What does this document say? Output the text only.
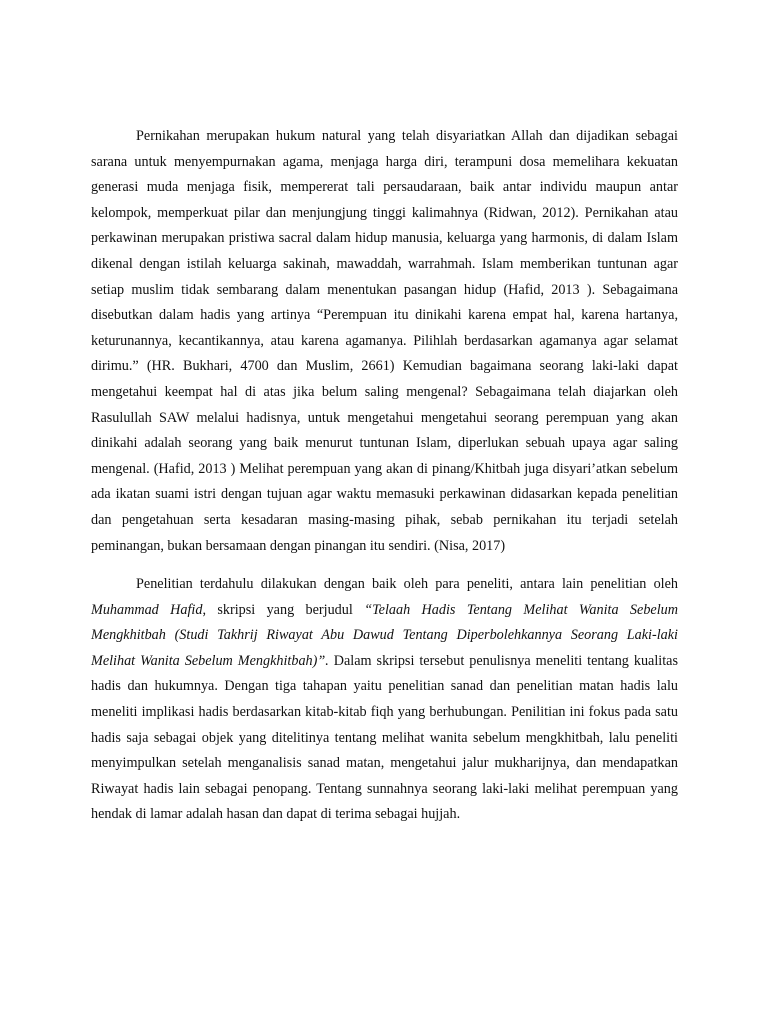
Pernikahan merupakan hukum natural yang telah disyariatkan Allah dan dijadikan sebagai sarana untuk menyempurnakan agama, menjaga harga diri, terampuni dosa memelihara kekuatan generasi muda menjaga fisik, mempererat tali persaudaraan, baik antar individu maupun antar kelompok, memperkuat pilar dan menjungjung tinggi kalimahnya (Ridwan, 2012). Pernikahan atau perkawinan merupakan pristiwa sacral dalam hidup manusia, keluarga yang harmonis, di dalam Islam dikenal dengan istilah keluarga sakinah, mawaddah, warrahmah. Islam memberikan tuntunan agar setiap muslim tidak sembarang dalam menentukan pasangan hidup (Hafid, 2013 ). Sebagaimana disebutkan dalam hadis yang artinya “Perempuan itu dinikahi karena empat hal, karena hartanya, keturunannya, kecantikannya, atau karena agamanya. Pilihlah berdasarkan agamanya agar selamat dirimu.” (HR. Bukhari, 4700 dan Muslim, 2661) Kemudian bagaimana seorang laki-laki dapat mengetahui keempat hal di atas jika belum saling mengenal? Sebagaimana telah diajarkan oleh Rasulullah SAW melalui hadisnya, untuk mengetahui mengetahui seorang perempuan yang akan dinikahi adalah seorang yang baik menurut tuntunan Islam, diperlukan sebuah upaya agar saling mengenal. (Hafid, 2013 ) Melihat perempuan yang akan di pinang/Khitbah juga disyari’atkan sebelum ada ikatan suami istri dengan tujuan agar waktu memasuki perkawinan didasarkan kepada penelitian dan pengetahuan serta kesadaran masing-masing pihak, sebab pernikahan itu terjadi setelah peminangan, bukan bersamaan dengan pinangan itu sendiri. (Nisa, 2017)

Penelitian terdahulu dilakukan dengan baik oleh para peneliti, antara lain penelitian oleh Muhammad Hafid, skripsi yang berjudul “Telaah Hadis Tentang Melihat Wanita Sebelum Mengkhitbah (Studi Takhrij Riwayat Abu Dawud Tentang Diperbolehkannya Seorang Laki-laki Melihat Wanita Sebelum Mengkhitbah)”. Dalam skripsi tersebut penulisnya meneliti tentang kualitas hadis dan hukumnya. Dengan tiga tahapan yaitu penelitian sanad dan penelitian matan hadis lalu meneliti implikasi hadis berdasarkan kitab-kitab fiqh yang berhubungan. Penilitian ini fokus pada satu hadis saja sebagai objek yang ditelitinya tentang melihat wanita sebelum mengkhitbah, lalu peneliti menyimpulkan setelah menganalisis sanad matan, mengetahui jalur mukharijnya, dan mendapatkan Riwayat hadis lain sebagai penopang. Tentang sunnahnya seorang laki-laki melihat perempuan yang hendak di lamar adalah hasan dan dapat di terima sebagai hujjah.
